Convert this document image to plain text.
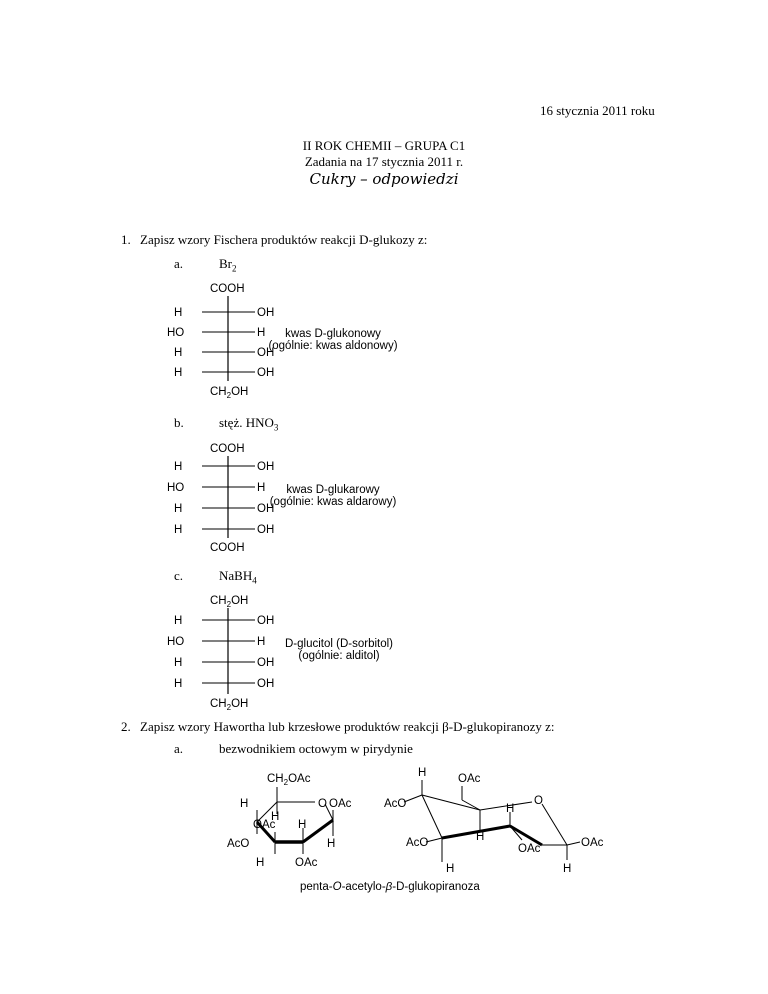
16 stycznia 2011 roku
II ROK CHEMII – GRUPA C1
Zadania na 17 stycznia 2011 r.
Cukry – odpowiedzi
1. Zapisz wzory Fischera produktów reakcji D-glukozy z:
a.	$Br_2$
COOH
H	OH
HO	H
H	OH
H	OH
$CH_2OH$
kwas D-glukonowy
(ogólnie: kwas aldonowy)
b.	stęż. $HNO_3$
COOH
H	OH
HO	H
H	OH
H	OH
COOH
kwas D-glukarowy
(ogólnie: kwas aldarowy)
c.	NaBH$_4$
$CH_2OH$
H	OH
HO	H
H	OH
H	OH
$CH_2OH$
D-glucitol (D-sorbitol)
(ogólnie: alditol)
2. Zapisz wzory Hawortha lub krzesłowe produktów reakcji β-D-glukopiranozy z:
a.	bezwodnikiem octowym w pirydynie
$CH_2OAc$
O OAc
H
H
OAc H
AcO	H
H	OAc
H	OAc
AcO	O
AcO
H
H
H
OAc	OAc
H
penta-O-acetylo-β-D-glukopiranoza
